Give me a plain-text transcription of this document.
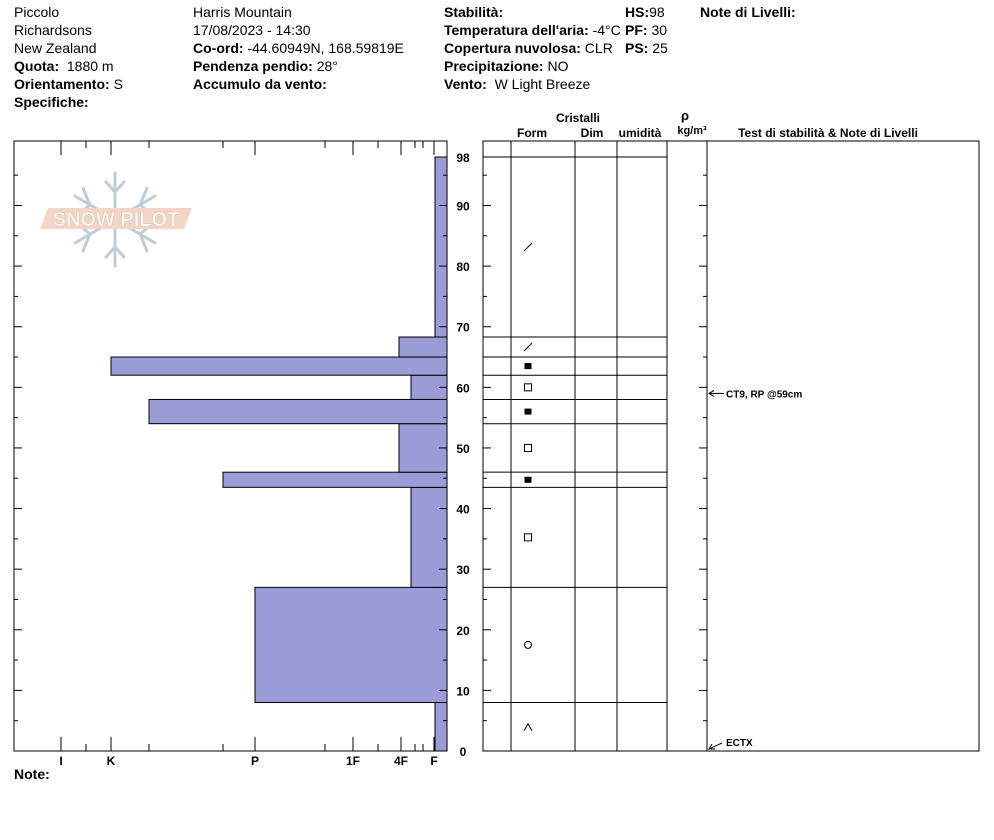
Piccolo
Richardsons
New Zealand
Quota: 1880 m
Orientamento: S
Specifiche:
Harris Mountain
17/08/2023 - 14:30
Co-ord: -44.60949N, 168.59819E
Pendenza pendio: 28°
Accumulo da vento:
Stabilità:
Temperatura dell'aria: -4°C
Copertura nuvolosa: CLR
Precipitazione: NO
Vento: W Light Breeze
HS:98
PF: 30
PS: 25
Note di Livelli:
Note:
SNOW PILOT
I	K	P	1F	4F F
0
10
20
30
40
50
60
70
80
90
98
Cristalli
Form	Dim umidità
ρ
kg/m³	Test di stabilità & Note di Livelli
CT9, RP @59cm
ECTX
